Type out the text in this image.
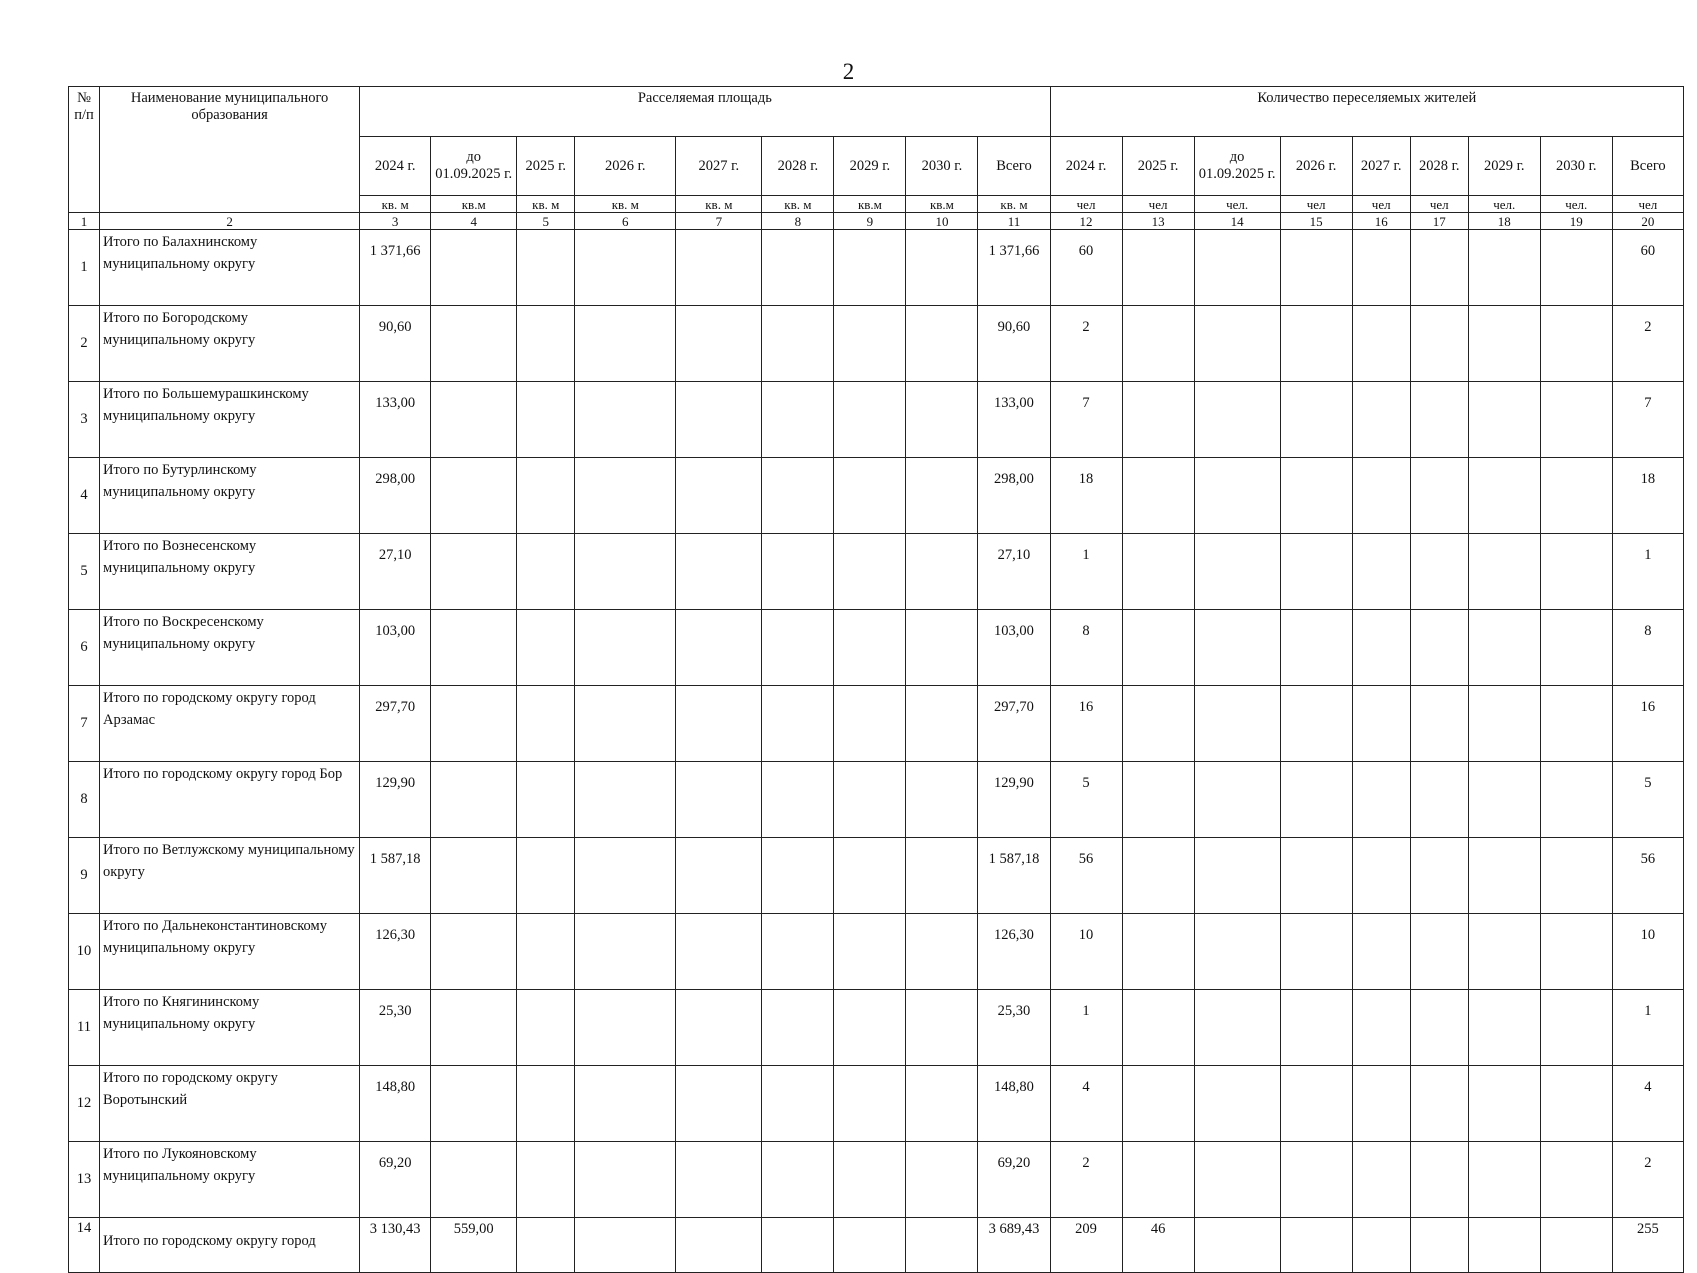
2
№ п/п	Наименование муниципального образования	Расселяемая площадь									Количество переселяемых жителей								
		2024 г.	до 01.09.2025 г.	2025 г.	2026 г.	2027 г.	2028 г.	2029 г.	2030 г.	Всего	2024 г.	2025 г.	до 01.09.2025 г.	2026 г.	2027 г.	2028 г.	2029 г.	2030 г.	Всего
		кв. м	кв.м	кв. м	кв. м	кв. м	кв. м	кв.м	кв.м	кв. м	чел	чел	чел.	чел	чел	чел	чел.	чел.	чел
1	2	3	4	5	6	7	8	9	10	11	12	13	14	15	16	17	18	19	20
1	Итого по Балахнинскому муниципальному округу	1 371,66								1 371,66	60								60
2	Итого по Богородскому муниципальному округу	90,60								90,60	2								2
3	Итого по Большемурашкинскому муниципальному округу	133,00								133,00	7								7
4	Итого по Бутурлинскому муниципальному округу	298,00								298,00	18								18
5	Итого по Вознесенскому муниципальному округу	27,10								27,10	1								1
6	Итого по Воскресенскому муниципальному округу	103,00								103,00	8								8
7	Итого по городскому округу город Арзамас	297,70								297,70	16								16
8	Итого по городскому округу город Бор	129,90								129,90	5								5
9	Итого по Ветлужскому муниципальному округу	1 587,18								1 587,18	56								56
10	Итого по Дальнеконстантиновскому муниципальному округу	126,30								126,30	10								10
11	Итого по Княгининскому муниципальному округу	25,30								25,30	1								1
12	Итого по городскому округу Воротынский	148,80								148,80	4								4
13	Итого по Лукояновскому муниципальному округу	69,20								69,20	2								2
14	Итого по городскому округу город	3 130,43	559,00							3 689,43	209	46							255
